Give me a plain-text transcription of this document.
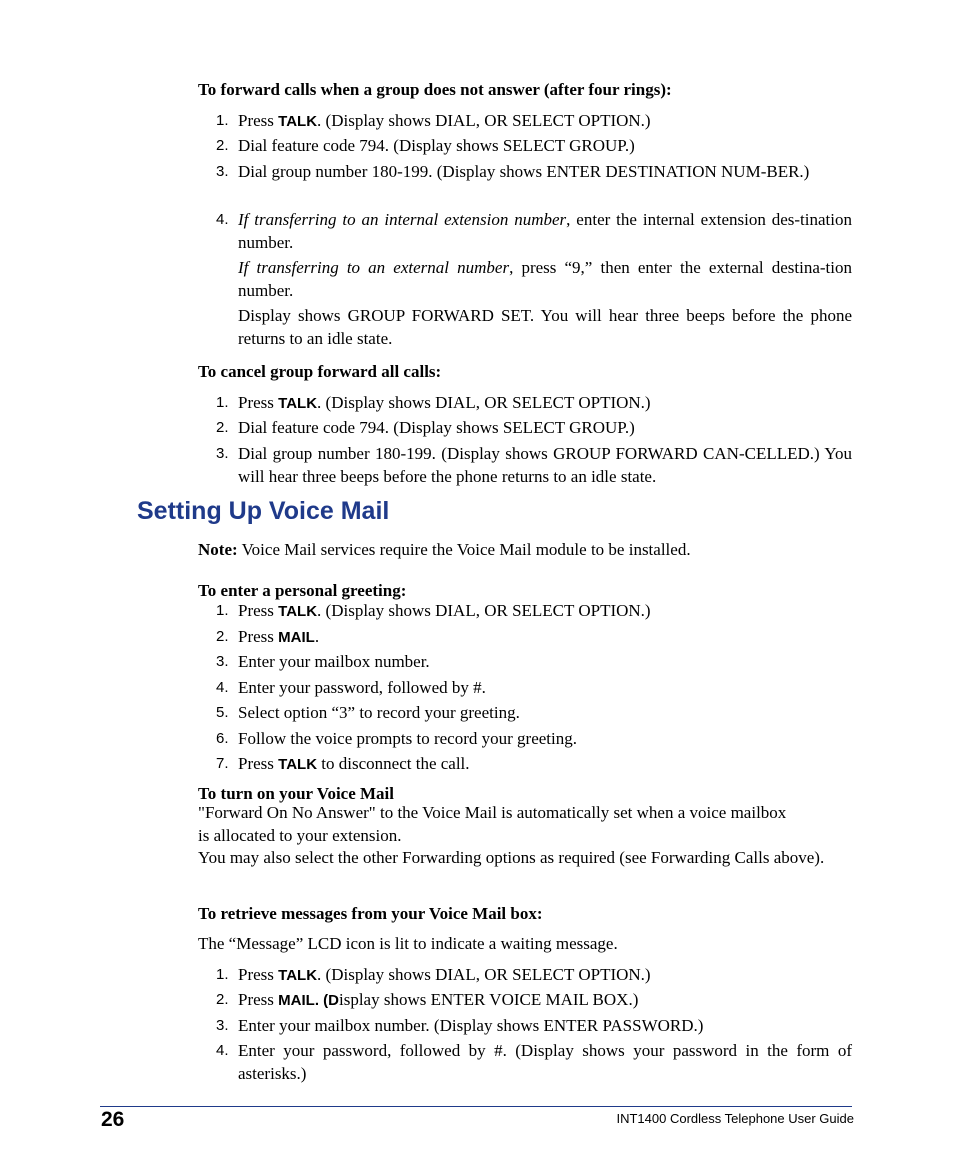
To forward calls when a group does not answer (after four rings):
1. Press TALK. (Display shows DIAL, OR SELECT OPTION.)
2. Dial feature code 794. (Display shows SELECT GROUP.)
3. Dial group number 180-199. (Display shows ENTER DESTINATION NUM-BER.)
4. If transferring to an internal extension number, enter the internal extension des-tination number.
If transferring to an external number, press “9,” then enter the external destina-tion number.
Display shows GROUP FORWARD SET. You will hear three beeps before the phone returns to an idle state.
To cancel group forward all calls:
1. Press TALK. (Display shows DIAL, OR SELECT OPTION.)
2. Dial feature code 794. (Display shows SELECT GROUP.)
3. Dial group number 180-199. (Display shows GROUP FORWARD CAN-CELLED.) You will hear three beeps before the phone returns to an idle state.
Setting Up Voice Mail
Note: Voice Mail services require the Voice Mail module to be installed.
To enter a personal greeting:
1. Press TALK. (Display shows DIAL, OR SELECT OPTION.)
2. Press MAIL.
3. Enter your mailbox number.
4. Enter your password, followed by #.
5. Select option “3” to record your greeting.
6. Follow the voice prompts to record your greeting.
7. Press TALK to disconnect the call.
To turn on your Voice Mail
"Forward On No Answer" to the Voice Mail is automatically set when a voice mailbox is allocated to your extension.
You may also select the other Forwarding options as required (see Forwarding Calls above).
To retrieve messages from your Voice Mail box:
The “Message” LCD icon is lit to indicate a waiting message.
1. Press TALK. (Display shows DIAL, OR SELECT OPTION.)
2. Press MAIL. (Display shows ENTER VOICE MAIL BOX.)
3. Enter your mailbox number. (Display shows ENTER PASSWORD.)
4. Enter your password, followed by #. (Display shows your password in the form of asterisks.)
26	INT1400 Cordless Telephone User Guide
